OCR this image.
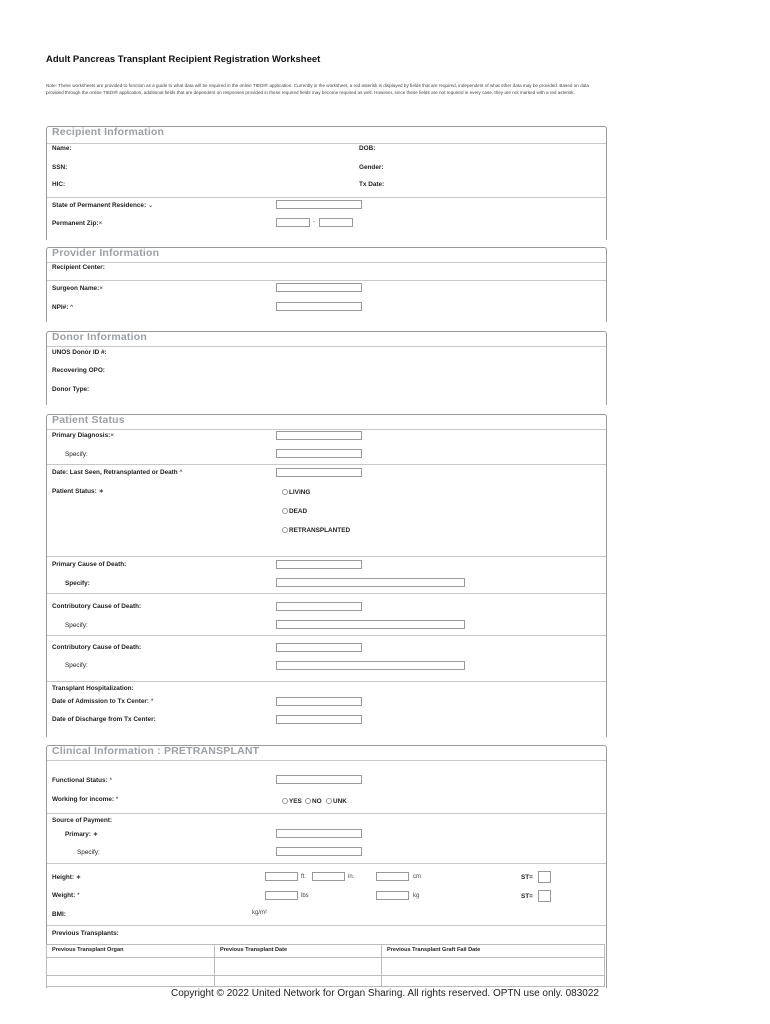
Adult Pancreas Transplant Recipient Registration Worksheet
Note: These worksheets are provided to function as a guide to what data will be required in the online TIEDI® application. Currently in the worksheet, a red asterisk is displayed by fields that are required, independent of what other data may be provided. Based on data provided through the online TIEDI® application, additional fields that are dependent on responses provided in these required fields may become required as well. However, since these fields are not required in every case, they are not marked with a red asterisk.
Recipient Information
Name:	DOB:
SSN:	Gender:
HIC:	Tx Date:
State of Permanent Residence: ⌄
Permanent Zip:×	-
Provider Information
Recipient Center:
Surgeon Name:×
NPI#: ^
Donor Information
UNOS Donor ID #:
Recovering OPO:
Donor Type:
Patient Status
Primary Diagnosis:×
Specify:
Date: Last Seen, Retransplanted or Death ^
Patient Status: ∗	LIVING
DEAD
RETRANSPLANTED
Primary Cause of Death:
Specify:
Contributory Cause of Death:
Specify:
Contributory Cause of Death:
Specify:
Transplant Hospitalization:
Date of Admission to Tx Center: *
Date of Discharge from Tx Center:
Clinical Information : PRETRANSPLANT
Functional Status: *
Working for income: *	YES	NO	UNK
Source of Payment:
Primary: ∗
Specify:
Height: ∗	ft.	in.	cm	ST=
Weight: *	lbs	kg	ST=
BMI:	kg/m²
Previous Transplants:
Previous Transplant Organ	Previous Transplant Date	Previous Transplant Graft Fail Date
Copyright © 2022 United Network for Organ Sharing. All rights reserved. OPTN use only. 083022
